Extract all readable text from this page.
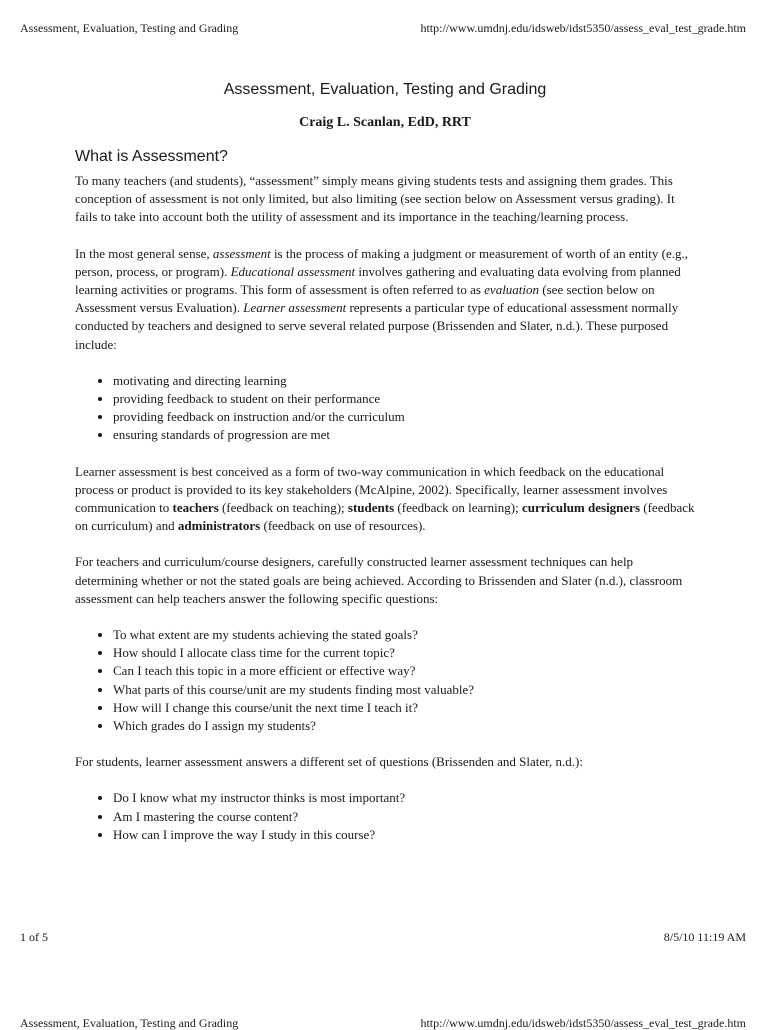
Assessment, Evaluation, Testing and Grading	http://www.umdnj.edu/idsweb/idst5350/assess_eval_test_grade.htm
Assessment, Evaluation, Testing and Grading
Craig L. Scanlan, EdD, RRT
What is Assessment?

To many teachers (and students), “assessment” simply means giving students tests and assigning them grades. This conception of assessment is not only limited, but also limiting (see section below on Assessment versus grading). It fails to take into account both the utility of assessment and its importance in the teaching/learning process.

In the most general sense, assessment is the process of making a judgment or measurement of worth of an entity (e.g., person, process, or program). Educational assessment involves gathering and evaluating data evolving from planned learning activities or programs. This form of assessment is often referred to as evaluation (see section below on Assessment versus Evaluation). Learner assessment represents a particular type of educational assessment normally conducted by teachers and designed to serve several related purpose (Brissenden and Slater, n.d.). These purposed include:

• motivating and directing learning
• providing feedback to student on their performance
• providing feedback on instruction and/or the curriculum
• ensuring standards of progression are met

Learner assessment is best conceived as a form of two-way communication in which feedback on the educational process or product is provided to its key stakeholders (McAlpine, 2002). Specifically, learner assessment involves communication to teachers (feedback on teaching); students (feedback on learning); curriculum designers (feedback on curriculum) and administrators (feedback on use of resources).

For teachers and curriculum/course designers, carefully constructed learner assessment techniques can help determining whether or not the stated goals are being achieved. According to Brissenden and Slater (n.d.), classroom assessment can help teachers answer the following specific questions:

• To what extent are my students achieving the stated goals?
• How should I allocate class time for the current topic?
• Can I teach this topic in a more efficient or effective way?
• What parts of this course/unit are my students finding most valuable?
• How will I change this course/unit the next time I teach it?
• Which grades do I assign my students?

For students, learner assessment answers a different set of questions (Brissenden and Slater, n.d.):

• Do I know what my instructor thinks is most important?
• Am I mastering the course content?
• How can I improve the way I study in this course?
1 of 5	8/5/10 11:19 AM
Assessment, Evaluation, Testing and Grading	http://www.umdnj.edu/idsweb/idst5350/assess_eval_test_grade.htm
